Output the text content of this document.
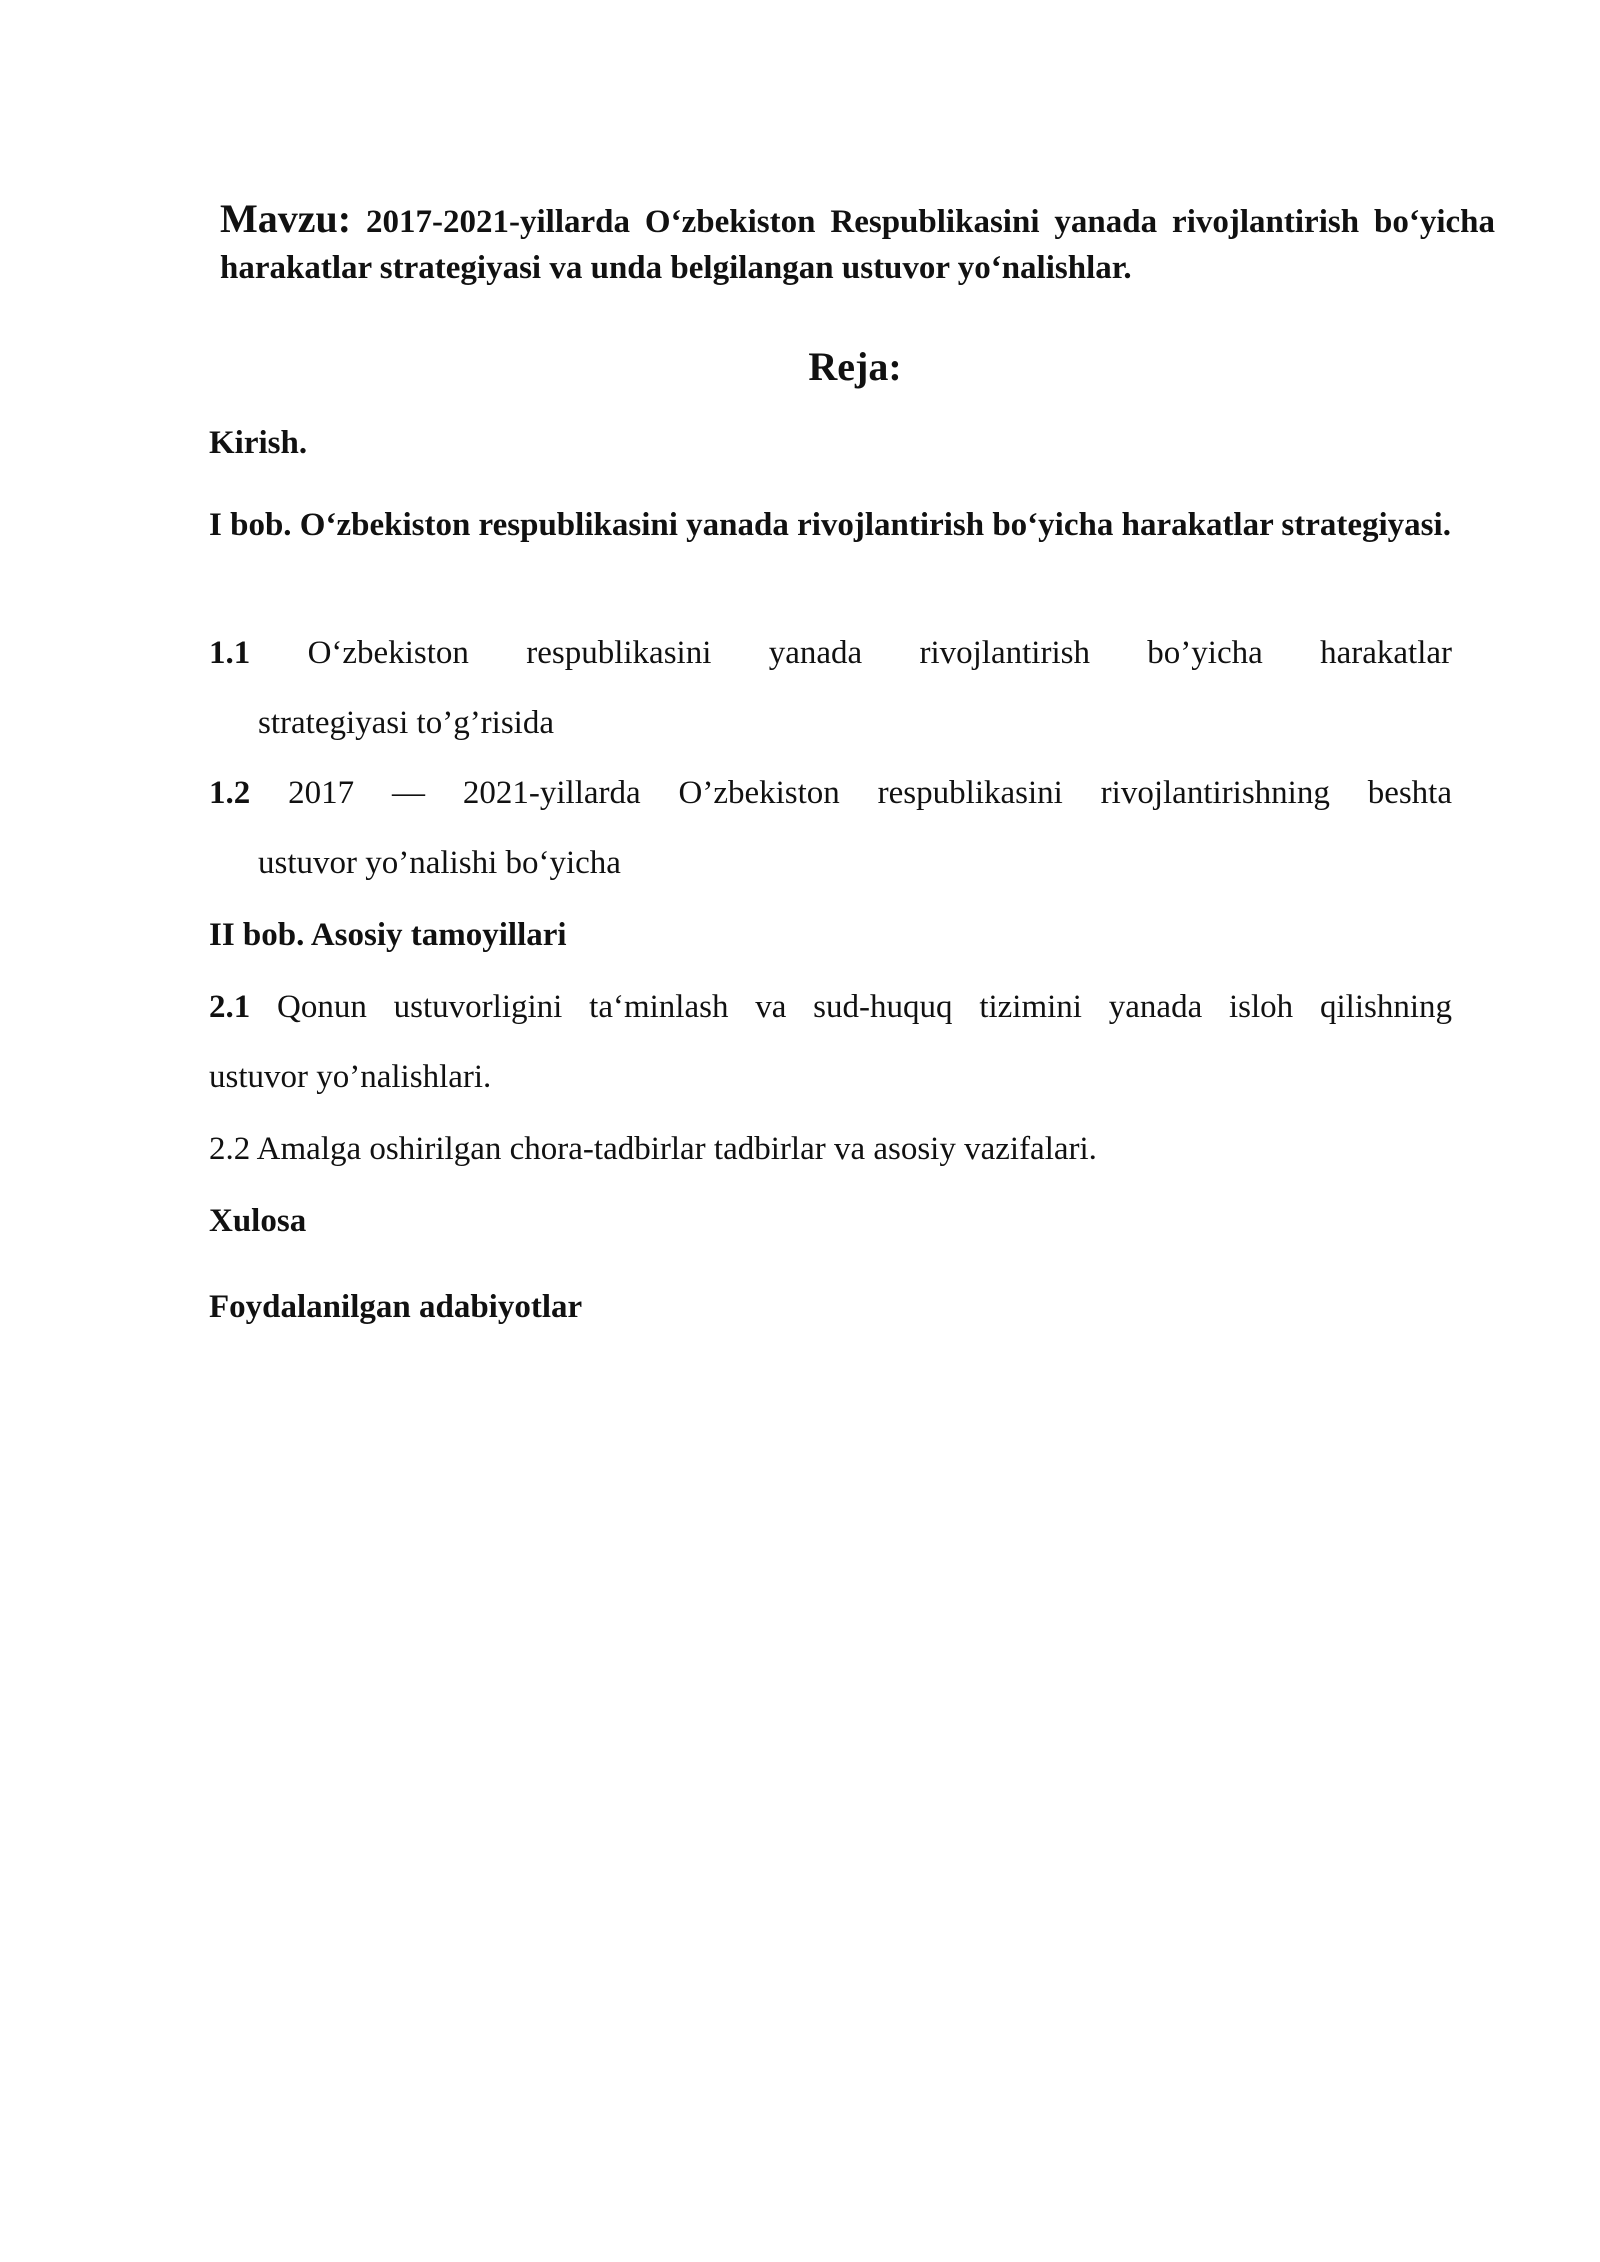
Mavzu: 2017-2021-yillarda O‘zbekiston Respublikasini yanada rivojlantirish bo‘yicha harakatlar strategiyasi va unda belgilangan ustuvor yo‘nalishlar.
Reja:
Kirish.
I bob. O‘zbekiston respublikasini yanada rivojlantirish bo‘yicha harakatlar strategiyasi.
1.1 O‘zbekiston respublikasini yanada rivojlantirish bo’yicha harakatlar
strategiyasi to’g’risida
1.2 2017 — 2021-yillarda O’zbekiston respublikasini rivojlantirishning beshta
ustuvor yo’nalishi bo‘yicha
II bob. Asosiy tamoyillari
2.1 Qonun ustuvorligini ta‘minlash va sud-huquq tizimini yanada isloh qilishning
ustuvor yo’nalishlari.
2.2 Amalga oshirilgan chora-tadbirlar tadbirlar va asosiy vazifalari.
Xulosa
Foydalanilgan adabiyotlar
